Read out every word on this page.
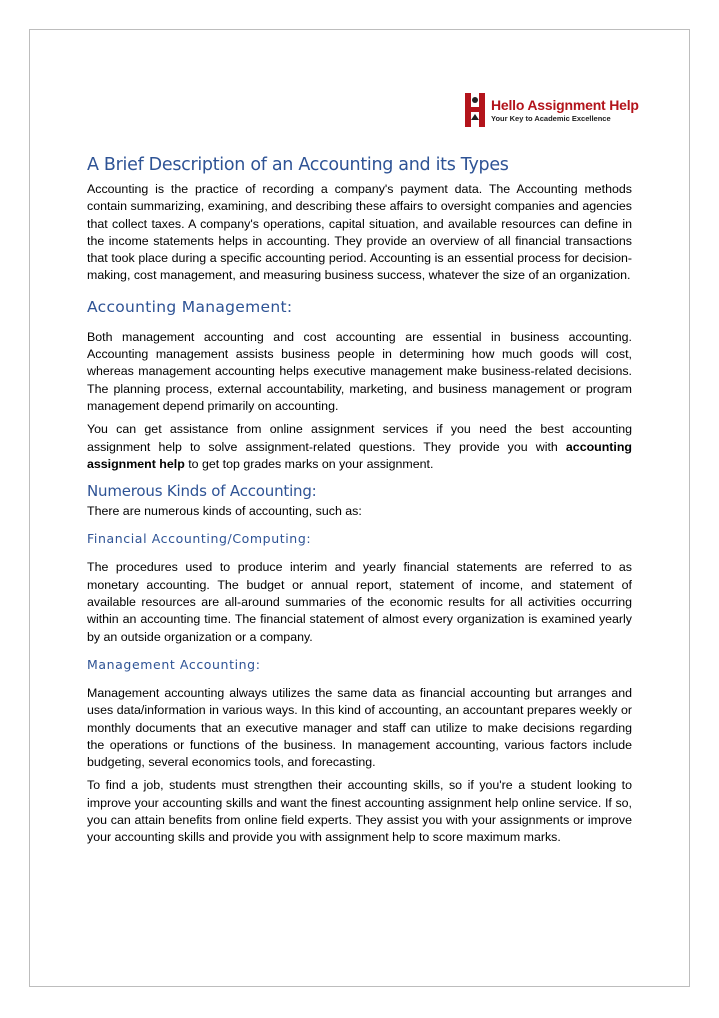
Hello Assignment Help
Your Key to Academic Excellence
A Brief Description of an Accounting and its Types

Accounting is the practice of recording a company's payment data. The Accounting methods contain summarizing, examining, and describing these affairs to oversight companies and agencies that collect taxes. A company's operations, capital situation, and available resources can define in the income statements helps in accounting. They provide an overview of all financial transactions that took place during a specific accounting period. Accounting is an essential process for decision-making, cost management, and measuring business success, whatever the size of an organization.

Accounting Management:

Both management accounting and cost accounting are essential in business accounting. Accounting management assists business people in determining how much goods will cost, whereas management accounting helps executive management make business-related decisions. The planning process, external accountability, marketing, and business management or program management depend primarily on accounting.

You can get assistance from online assignment services if you need the best accounting assignment help to solve assignment-related questions. They provide you with accounting assignment help to get top grades marks on your assignment.

Numerous Kinds of Accounting:

There are numerous kinds of accounting, such as:

Financial Accounting/Computing:

The procedures used to produce interim and yearly financial statements are referred to as monetary accounting. The budget or annual report, statement of income, and statement of available resources are all-around summaries of the economic results for all activities occurring within an accounting time. The financial statement of almost every organization is examined yearly by an outside organization or a company.

Management Accounting:

Management accounting always utilizes the same data as financial accounting but arranges and uses data/information in various ways. In this kind of accounting, an accountant prepares weekly or monthly documents that an executive manager and staff can utilize to make decisions regarding the operations or functions of the business. In management accounting, various factors include budgeting, several economics tools, and forecasting.

To find a job, students must strengthen their accounting skills, so if you're a student looking to improve your accounting skills and want the finest accounting assignment help online service. If so, you can attain benefits from online field experts. They assist you with your assignments or improve your accounting skills and provide you with assignment help to score maximum marks.
